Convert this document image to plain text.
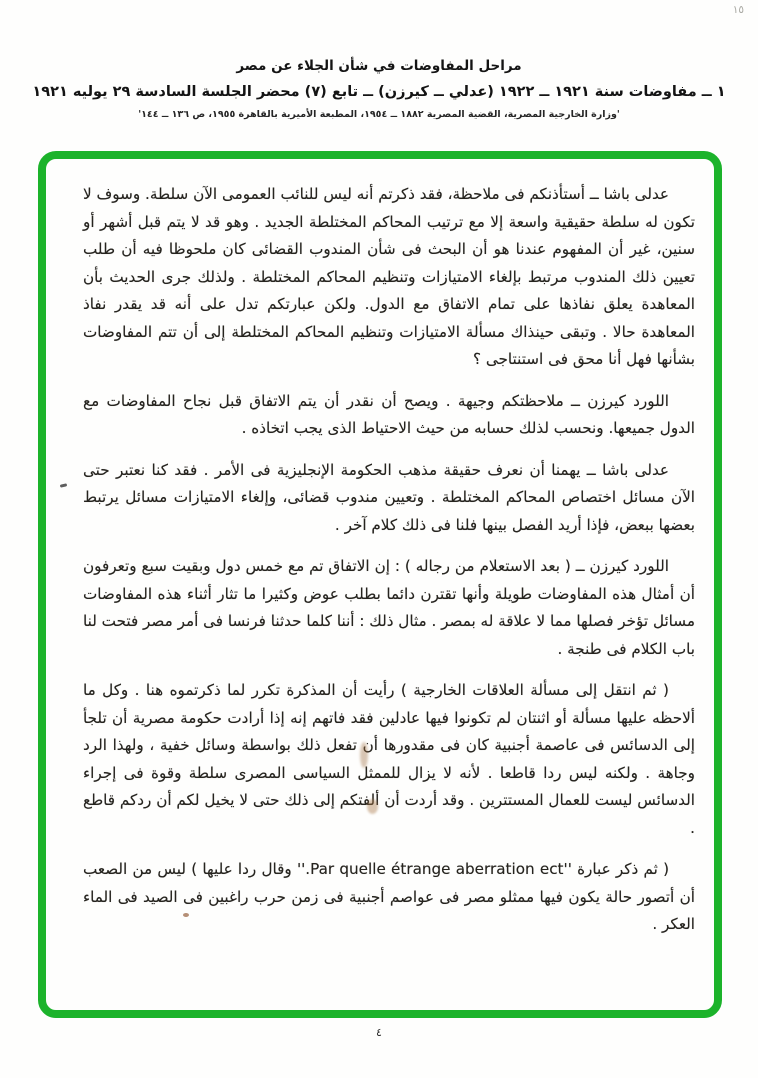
١٥
مراحل المفاوضات في شأن الجلاء عن مصر
١ ــ مفاوضات سنة ١٩٢١ ــ ١٩٢٢ (عدلي ــ كيرزن) ــ تابع (٧) محضر الجلسة السادسة ٢٩ يوليه ١٩٢١
'وزارة الخارجية المصرية، القضية المصرية ١٨٨٢ ــ ١٩٥٤، المطبعة الأميرية بالقاهرة ١٩٥٥، ص ١٣٦ ــ ١٤٤'

عدلى باشا ــ أستأذنكم فى ملاحظة، فقد ذكرتم أنه ليس للنائب العمومى الآن سلطة. وسوف لا تكون له سلطة حقيقية واسعة إلا مع ترتيب المحاكم المختلطة الجديد . وهو قد لا يتم قبل أشهر أو سنين، غير أن المفهوم عندنا هو أن البحث فى شأن المندوب القضائى كان ملحوظا فيه أن طلب تعيين ذلك المندوب مرتبط بإلغاء الامتيازات وتنظيم المحاكم المختلطة . ولذلك جرى الحديث بأن المعاهدة يعلق نفاذها على تمام الاتفاق مع الدول. ولكن عبارتكم تدل على أنه قد يقدر نفاذ المعاهدة حالا . وتبقى حينذاك مسألة الامتيازات وتنظيم المحاكم المختلطة إلى أن تتم المفاوضات بشأنها فهل أنا محق فى استنتاجى ؟

اللورد كيرزن ــ ملاحظتكم وجيهة . ويصح أن نقدر أن يتم الاتفاق قبل نجاح المفاوضات مع الدول جميعها. ونحسب لذلك حسابه من حيث الاحتياط الذى يجب اتخاذه .

عدلى باشا ــ يهمنا أن نعرف حقيقة مذهب الحكومة الإنجليزية فى الأمر . فقد كنا نعتبر حتى الآن مسائل اختصاص المحاكم المختلطة . وتعيين مندوب قضائى، وإلغاء الامتيازات مسائل يرتبط بعضها ببعض، فإذا أريد الفصل بينها فلنا فى ذلك كلام آخر .

اللورد كيرزن ــ ( بعد الاستعلام من رجاله ) : إن الاتفاق تم مع خمس دول وبقيت سبع وتعرفون أن أمثال هذه المفاوضات طويلة وأنها تقترن دائما بطلب عوض وكثيرا ما تثار أثناء هذه المفاوضات مسائل تؤخر فصلها مما لا علاقة له بمصر . مثال ذلك : أننا كلما حدثنا فرنسا فى أمر مصر فتحت لنا باب الكلام فى طنجة .

( ثم انتقل إلى مسألة العلاقات الخارجية ) رأيت أن المذكرة تكرر لما ذكرتموه هنا . وكل ما ألاحظه عليها مسألة أو اثنتان لم تكونوا فيها عادلين فقد فاتهم إنه إذا أرادت حكومة مصرية أن تلجأ إلى الدسائس فى عاصمة أجنبية كان فى مقدورها أن تفعل ذلك بواسطة وسائل خفية ، ولهذا الرد وجاهة . ولكنه ليس ردا قاطعا . لأنه لا يزال للممثل السياسى المصرى سلطة وقوة فى إجراء الدسائس ليست للعمال المستترين . وقد أردت أن ألفتكم إلى ذلك حتى لا يخيل لكم أن ردكم قاطع .

( ثم ذكر عبارة ''Par quelle étrange aberration ect.'' وقال ردا عليها ) ليس من الصعب أن أتصور حالة يكون فيها ممثلو مصر فى عواصم أجنبية فى زمن حرب راغبين فى الصيد فى الماء العكر .

٤
